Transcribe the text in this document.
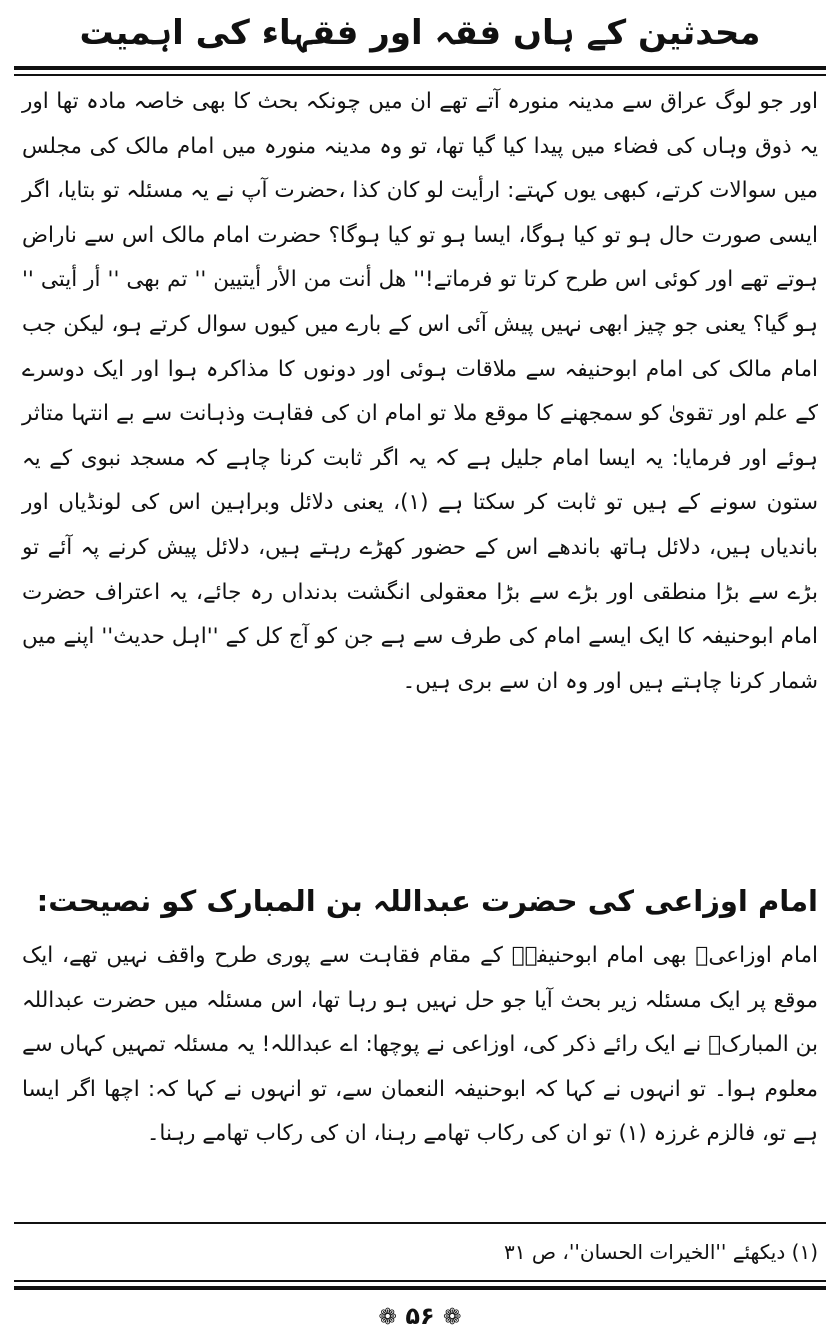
محدثین کے ہاں فقہ اور فقہاء کی اہمیت

اور جو لوگ عراق سے مدینہ منورہ آتے تھے ان میں چونکہ بحث کا بھی خاصہ مادہ تھا اور یہ ذوق وہاں کی فضاء میں پیدا کیا گیا تھا، تو وہ مدینہ منورہ میں امام مالک کی مجلس میں سوالات کرتے، کبھی یوں کہتے: ارأیت لو کان کذا ،حضرت آپ نے یہ مسئلہ تو بتایا، اگر ایسی صورت حال ہو تو کیا ہوگا، ایسا ہو تو کیا ہوگا؟ حضرت امام مالک اس سے ناراض ہوتے تھے اور کوئی اس طرح کرتا تو فرماتے!'' ھل أنت من الأر أیتیین '' تم بھی '' أر أیتی '' ہو گیا؟ یعنی جو چیز ابھی نہیں پیش آئی اس کے بارے میں کیوں سوال کرتے ہو، لیکن جب امام مالک کی امام ابوحنیفہ سے ملاقات ہوئی اور دونوں کا مذاکرہ ہوا اور ایک دوسرے کے علم اور تقویٰ کو سمجھنے کا موقع ملا تو امام ان کی فقاہت وذہانت سے بے انتہا متاثر ہوئے اور فرمایا: یہ ایسا امام جلیل ہے کہ یہ اگر ثابت کرنا چاہے کہ مسجد نبوی کے یہ ستون سونے کے ہیں تو ثابت کر سکتا ہے (۱)، یعنی دلائل وبراہین اس کی لونڈیاں اور باندیاں ہیں، دلائل ہاتھ باندھے اس کے حضور کھڑے رہتے ہیں، دلائل پیش کرنے پہ آئے تو بڑے سے بڑا منطقی اور بڑے سے بڑا معقولی انگشت بدنداں رہ جائے، یہ اعتراف حضرت امام ابوحنیفہ کا ایک ایسے امام کی طرف سے ہے جن کو آج کل کے ''اہل حدیث'' اپنے میں شمار کرنا چاہتے ہیں اور وہ ان سے بری ہیں۔

امام اوزاعی کی حضرت عبداللہ بن المبارک کو نصیحت:

امام اوزاعیؒ بھی امام ابوحنیفہؒ کے مقام فقاہت سے پوری طرح واقف نہیں تھے، ایک موقع پر ایک مسئلہ زیر بحث آیا جو حل نہیں ہو رہا تھا، اس مسئلہ میں حضرت عبداللہ بن المبارکؒ نے ایک رائے ذکر کی، اوزاعی نے پوچھا: اے عبداللہ! یہ مسئلہ تمہیں کہاں سے معلوم ہوا۔ تو انہوں نے کہا کہ ابوحنیفہ النعمان سے، تو انہوں نے کہا کہ: اچھا اگر ایسا ہے تو، فالزم غرزہ (۱) تو ان کی رکاب تھامے رہنا، ان کی رکاب تھامے رہنا۔

(۱) دیکھئے ''الخیرات الحسان''، ص ۳۱
❁ ۵۶ ❁
